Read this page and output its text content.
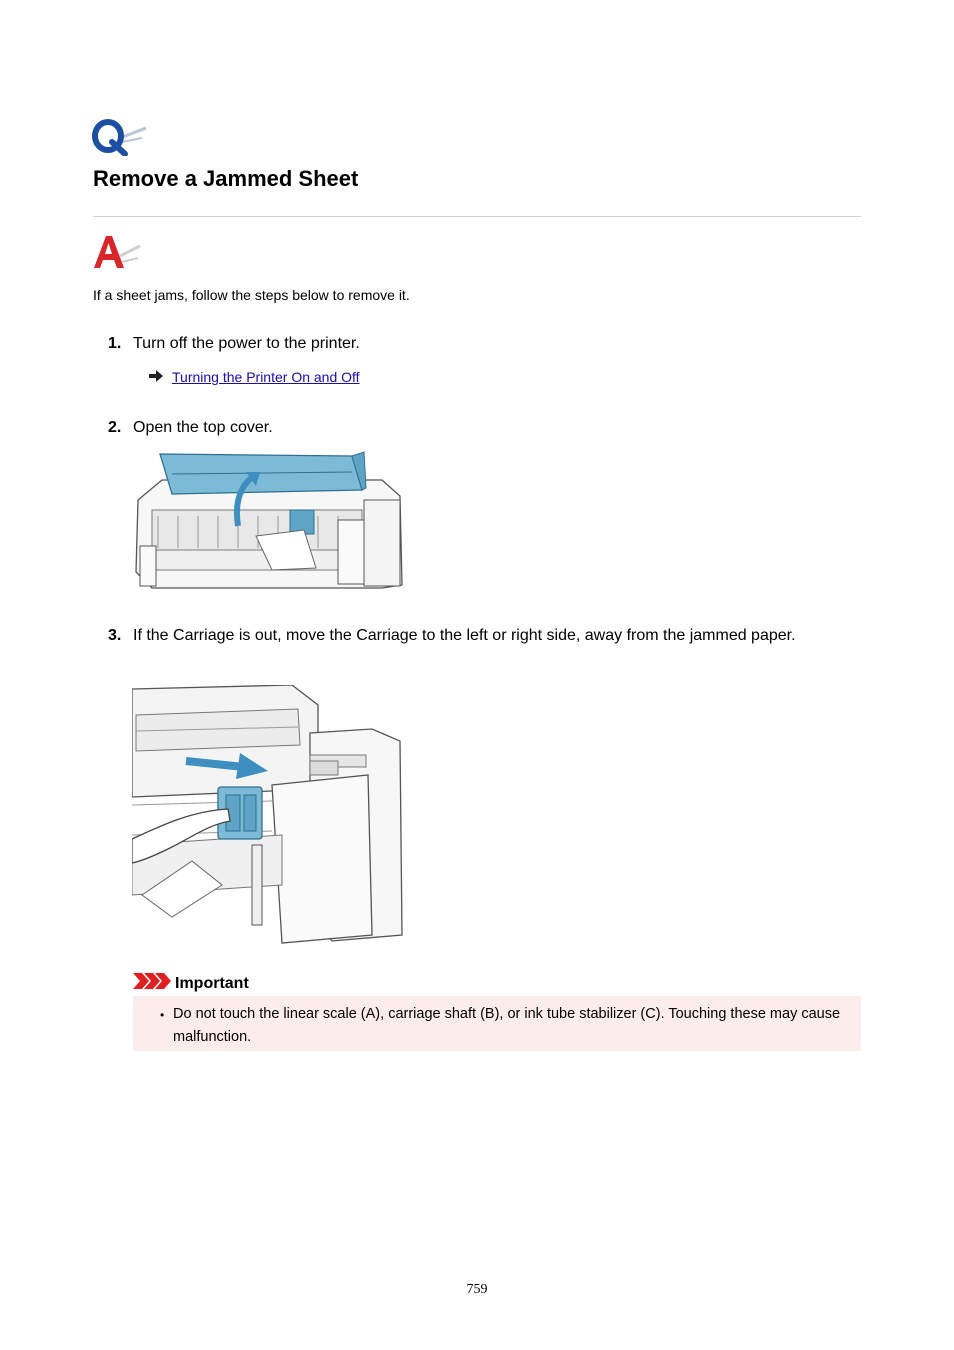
Remove a Jammed Sheet
If a sheet jams, follow the steps below to remove it.
1. Turn off the power to the printer.
Turning the Printer On and Off
2. Open the top cover.
3. If the Carriage is out, move the Carriage to the left or right side, away from the jammed paper.
Important
• Do not touch the linear scale (A), carriage shaft (B), or ink tube stabilizer (C). Touching these may cause malfunction.
759
